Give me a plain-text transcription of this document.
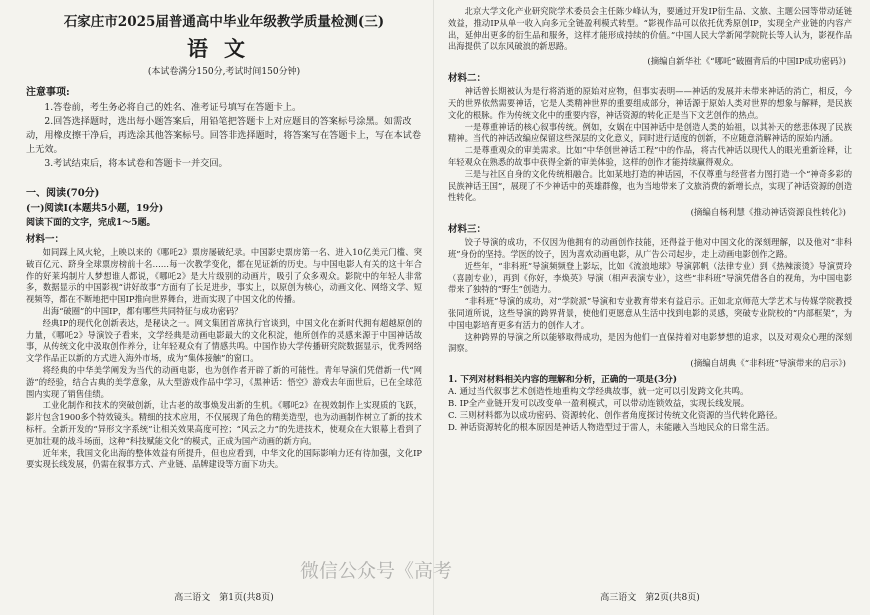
石家庄市2025届普通高中毕业年级教学质量检测(三)
语文
(本试卷满分150分,考试时间150分钟)
注意事项:

1.答卷前，考生务必将自己的姓名、准考证号填写在答题卡上。

2.回答选择题时，选出每小题答案后，用铅笔把答题卡上对应题目的答案标号涂黑。如需改动，用橡皮擦干净后，再选涂其他答案标号。回答非选择题时，将答案写在答题卡上，写在本试卷上无效。

3.考试结束后，将本试卷和答题卡一并交回。

一、阅读(70分)
(一)阅读Ⅰ(本题共5小题，19分)
阅读下面的文字，完成1～5题。
材料一：

如同踩上风火轮，上映以来的《哪吒2》票房屡破纪录。中国影史票房第一名、进入10亿美元门槛、突破百亿元、跻身全球票房榜前十名……每一次教学变化，都在见证新的历史。与中国电影人有关的这十年合作的好莱坞制片人梦想谁人都说，《哪吒2》是大片级别的动画片，吸引了众多观众。影院中的年轻人非常多，数据显示的中国影视“讲好故事”方面有了长足进步，事实上，以原创为核心，动画文化、网络文学、短视频等，都在不断地把中国IP推向世界舞台，进而实现了中国文化的传播。

出海“破圈”的中国IP，都有哪些共同特征与成功密码？

经典IP的现代化创新表达，是秘诀之一。网文集团首席执行官谈到，中国文化在新时代拥有超越原创的力量，《哪吒2》导演饺子看来，文学经典是动画电影最大的文化积淀，他所创作的灵感来源于中国神话故事，从传统文化中汲取创作养分，让年轻观众有了情感共鸣。中国作协大学传播研究院数据显示，优秀网络文学作品正以新的方式进入海外市场，成为“集体接触”的窗口。

将经典的中华美学阐发为当代的动画电影，也为创作者开辟了新的可能性。青年导演们凭借新一代“网游”的经验，结合古典的美学意象，从大型游戏作品中学习，《黑神话：悟空》游戏去年面世后，已在全球范围内实现了销售佳绩。

工业化制作和技术的突破创新，让古老的故事焕发出新的生机。《哪吒2》在视效制作上实现质的飞跃，影片包含1900多个特效镜头。精细的技术应用，不仅展现了角色的精美造型，也为动画制作树立了新的技术标杆。全新开发的“异形文字系统”让相关效果高度可控；“风云之力”的先进技术，使观众在大银幕上看到了更加壮观的战斗场面，这种“科技赋能文化”的模式，正成为国产动画的新方向。

近年来，我国文化出海的整体效益有所提升，但也应看到，中华文化的国际影响力还有待加强，文化IP要实现长线发展，仍需在叙事方式、产业链、品牌建设等方面下功夫。

高三语文　第1页(共8页)

北京大学文化产业研究院学术委员会主任陈少峰认为，要通过开发IP衍生品、文旅、主题公园等带动延链效益，推动IP从单一收入向多元全链盈利模式转型。“影视作品可以依托优秀原创IP，实现全产业链的内容产出，延伸出更多的衍生品和服务，这样才能形成持续的价值。”中国人民大学新闻学院院长等人认为，影视作品出海提供了以东风破浪的新思路。

(摘编自新华社《“哪吒”破圈背后的中国IP成功密码》)
材料二：

神话曾长期被认为是行将消逝的原始对应物，但事实表明——神话的发展并未带来神话的消亡，相反，今天的世界依然需要神话，它是人类精神世界的重要组成部分，神话源于原始人类对世界的想象与解释，是民族文化的根脉。作为传统文化中的重要内容，神话资源的转化正是当下文艺创作的热点。

一是尊重神话的核心叙事传统。例如，女娲在中国神话中是创造人类的始祖，以其补天的慈悲体现了民族精神。当代的神话改编应保留这些深层的文化意义，同时进行适度的创新，不应随意消解神话的原始内涵。

二是尊重观众的审美需求。比如“中华创世神话工程”中的作品，将古代神话以现代人的眼光重新诠释，让年轻观众在熟悉的故事中获得全新的审美体验，这样的创作才能持续赢得观众。

三是与社区自身的文化传统相融合。比如某地打造的神话园，不仅尊重与经营者力图打造一个“神奇多彩的民族神话王国”，展现了不少神话中的英雄群像，也为当地带来了文旅消费的新增长点，实现了神话资源的创造性转化。

(摘编自杨利慧《推动神话资源良性转化》)
材料三：

饺子导演的成功，不仅因为他拥有的动画创作技能，还得益于他对中国文化的深刻理解，以及他对“非科班”身份的坚持。学医的饺子，因为喜欢动画电影，从广告公司起步，走上动画电影创作之路。

近些年，“非科班”导演频频登上影坛，比如《流浪地球》导演郭帆（法律专业）到《热辣滚烫》导演贾玲（喜剧专业），再到《你好，李焕英》导演（相声表演专业），这些“非科班”导演凭借各自的视角，为中国电影带来了独特的“野生”创造力。

“非科班”导演的成功，对“学院派”导演和专业教育带来有益启示。正如北京师范大学艺术与传媒学院教授张同道所说，这些导演的跨界背景，使他们更愿意从生活中找到电影的灵感，突破专业院校的“内部框架”，为中国电影培育更多有活力的创作人才。

这种跨界的导演之所以能够取得成功，是因为他们一直保持着对电影梦想的追求，以及对观众心理的深刻洞察。

(摘编自胡典《“非科班”导演带来的启示》)
1. 下列对材料相关内容的理解和分析，正确的一项是(3分)

A. 通过当代叙事艺术创造性地重构文学经典故事，就一定可以引发跨文化共鸣。

B. IP全产业链开发可以改变单一盈利模式，可以带动连锁效益，实现长线发展。

C. 三则材料都为以成功密码、资源转化、创作者角度探讨传统文化资源的当代转化路径。

D. 神话资源转化的根本原因是神话人物造型过于雷人，未能融入当地民众的日常生活。

高三语文　第2页(共8页)
微信公众号《高考
